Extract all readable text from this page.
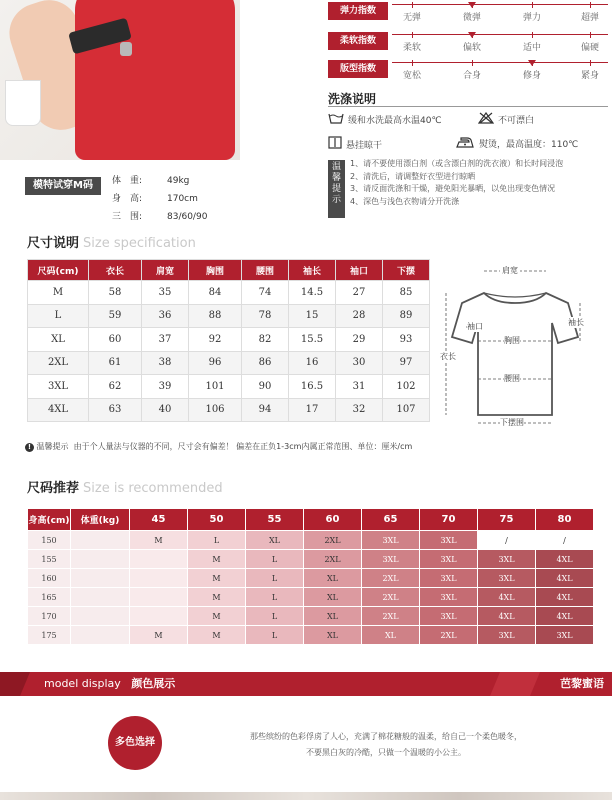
模特试穿M码	体　重:	49kg
身　高:	170cm
三　围:	83/60/90
弹力指数
无弹	微弹	弹力	超弹
柔软指数
柔软	偏软	适中	偏硬
版型指数
宽松	合身	修身	紧身
洗涤说明
缓和水洗最高水温40℃	不可漂白
悬挂晾干	熨烫，最高温度：110℃
温馨提示
1、请不要使用漂白剂（或含漂白剂的洗衣液）和长时间浸泡
2、清洗后，请调整好衣型进行晾晒
3、请反面洗涤和干燥，避免阳光暴晒，以免出现变色情况
4、深色与浅色衣物请分开洗涤
尺寸说明 Size specification
尺码(cm)	衣长	肩宽	胸围	腰围	袖长	袖口	下摆
M	58	35	84	74	14.5	27	85
L	59	36	88	78	15	28	89
XL	60	37	92	82	15.5	29	93
2XL	61	38	96	86	16	30	97
3XL	62	39	101	90	16.5	31	102
4XL	63	40	106	94	17	32	107
肩宽
袖长
袖口
胸围
衣长
腰围
下摆围
! 温馨提示 由于个人量法与仪器的不同，尺寸会有偏差！ 偏差在正负1-3cm内属正常范围、单位：厘米/cm
尺码推荐 Size is recommended
身高(cm)	体重(kg)	45	50	55	60	65	70	75	80
150		M	L	XL	2XL	3XL	3XL	/	/
155			M	L	2XL	3XL	3XL	3XL	4XL
160			M	L	XL	2XL	3XL	3XL	4XL
165			M	L	XL	2XL	3XL	4XL	4XL
170			M	L	XL	2XL	3XL	4XL	4XL
175		M	M	L	XL	XL	2XL	3XL	3XL
model display 颜色展示	芭黎蜜语
多色选择
那些缤纷的色彩俘虏了人心，充满了棉花糖般的温柔，给自己一个柔色暖冬，
不要黑白灰的冷酷，只做一个温暖的小公主。
